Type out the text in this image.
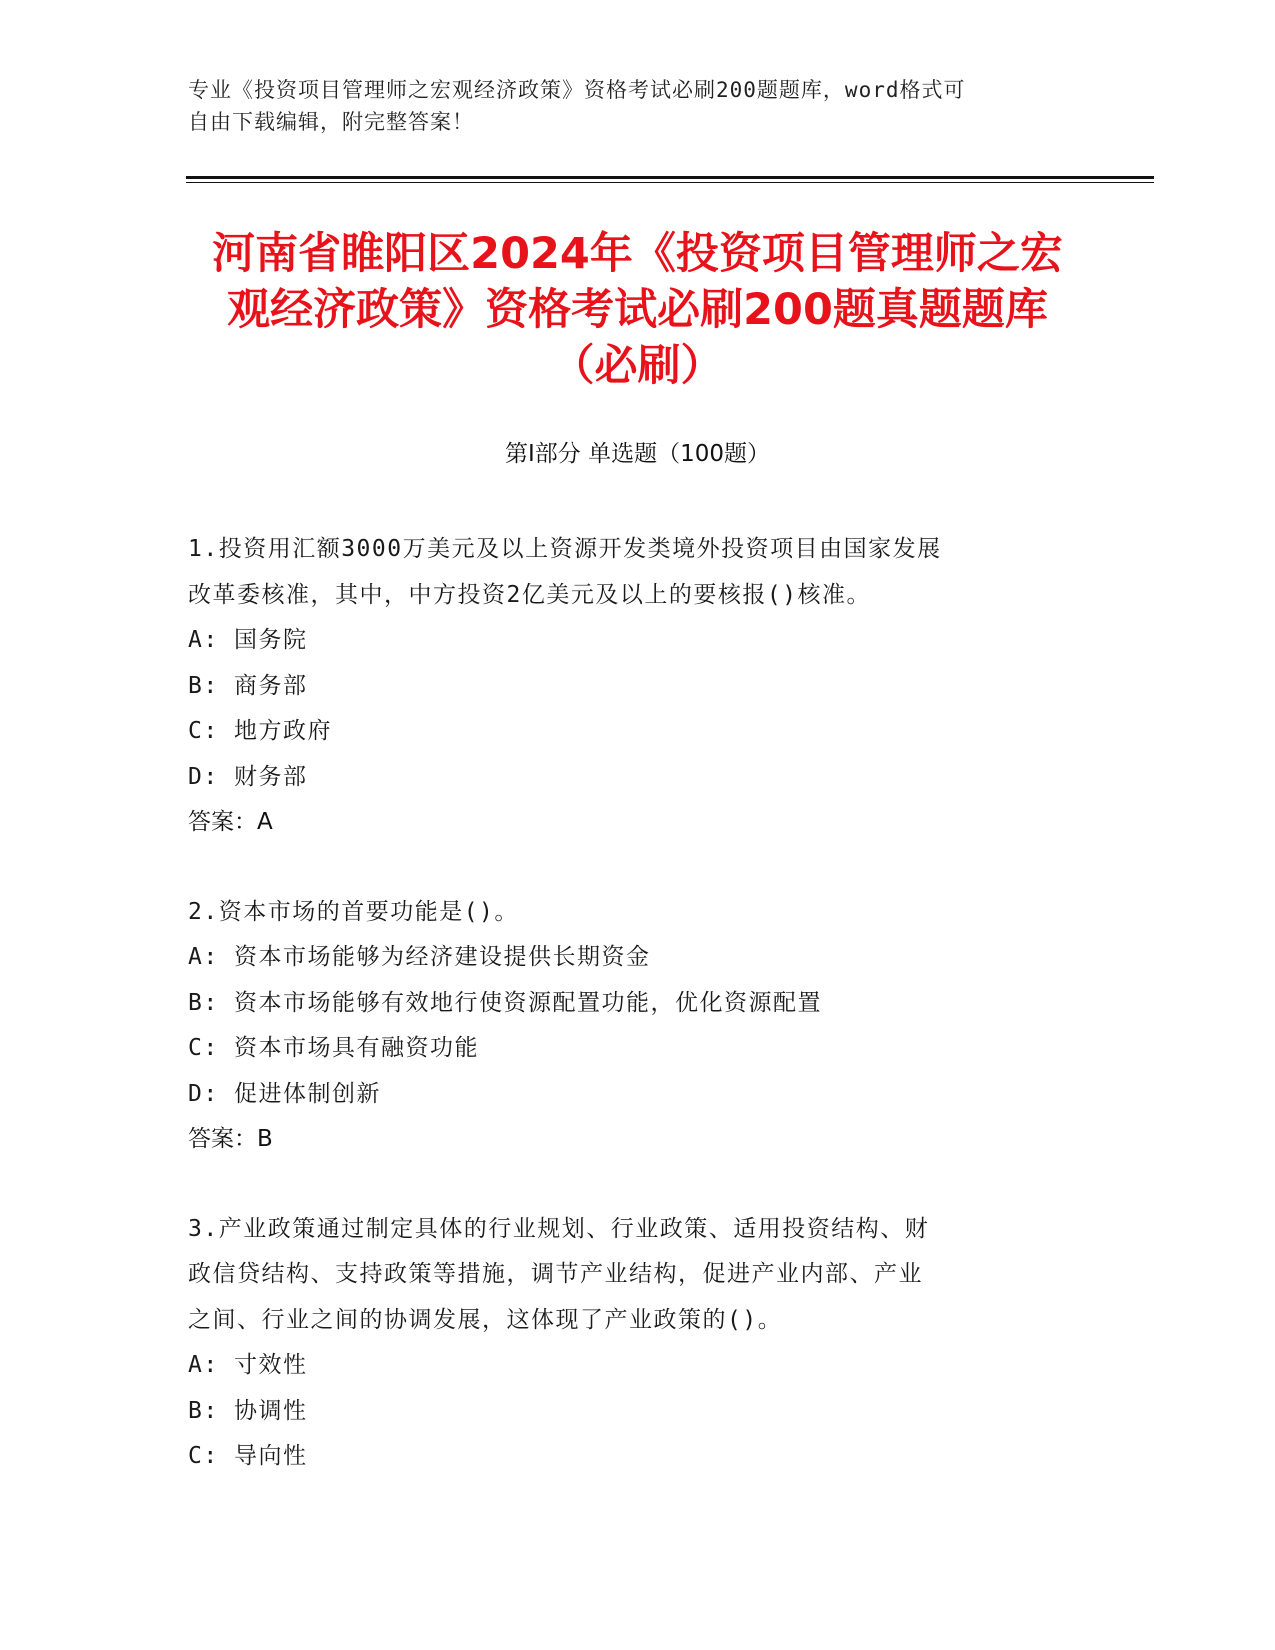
专业《投资项目管理师之宏观经济政策》资格考试必刷200题题库，word格式可
自由下载编辑，附完整答案！
河南省睢阳区2024年《投资项目管理师之宏
观经济政策》资格考试必刷200题真题题库
（必刷）
第Ⅰ部分 单选题（100题）
1.投资用汇额3000万美元及以上资源开发类境外投资项目由国家发展
改革委核准，其中，中方投资2亿美元及以上的要核报()核准。
A: 国务院
B: 商务部
C: 地方政府
D: 财务部
答案：A
2.资本市场的首要功能是()。
A: 资本市场能够为经济建设提供长期资金
B: 资本市场能够有效地行使资源配置功能，优化资源配置
C: 资本市场具有融资功能
D: 促进体制创新
答案：B
3.产业政策通过制定具体的行业规划、行业政策、适用投资结构、财
政信贷结构、支持政策等措施，调节产业结构，促进产业内部、产业
之间、行业之间的协调发展，这体现了产业政策的()。
A: 寸效性
B: 协调性
C: 导向性
